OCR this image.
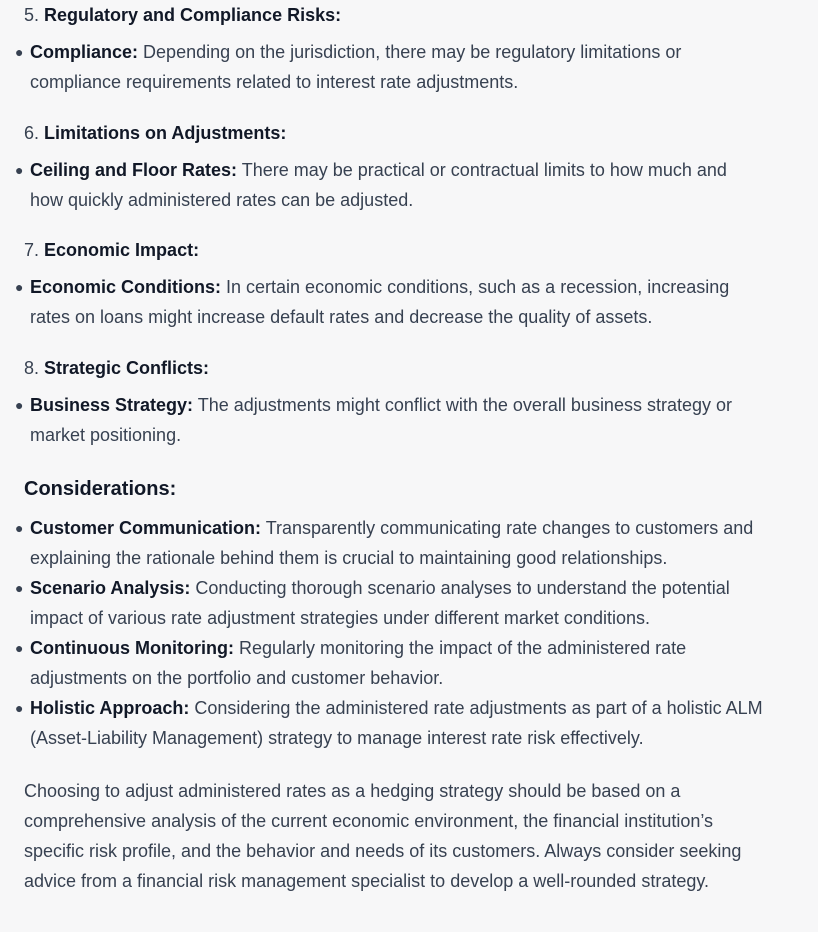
5. Regulatory and Compliance Risks:
● Compliance: Depending on the jurisdiction, there may be regulatory limitations or compliance requirements related to interest rate adjustments.
6. Limitations on Adjustments:
● Ceiling and Floor Rates: There may be practical or contractual limits to how much and how quickly administered rates can be adjusted.
7. Economic Impact:
● Economic Conditions: In certain economic conditions, such as a recession, increasing rates on loans might increase default rates and decrease the quality of assets.
8. Strategic Conflicts:
● Business Strategy: The adjustments might conflict with the overall business strategy or market positioning.
Considerations:
● Customer Communication: Transparently communicating rate changes to customers and explaining the rationale behind them is crucial to maintaining good relationships.
● Scenario Analysis: Conducting thorough scenario analyses to understand the potential impact of various rate adjustment strategies under different market conditions.
● Continuous Monitoring: Regularly monitoring the impact of the administered rate adjustments on the portfolio and customer behavior.
● Holistic Approach: Considering the administered rate adjustments as part of a holistic ALM (Asset-Liability Management) strategy to manage interest rate risk effectively.

Choosing to adjust administered rates as a hedging strategy should be based on a comprehensive analysis of the current economic environment, the financial institution’s specific risk profile, and the behavior and needs of its customers. Always consider seeking advice from a financial risk management specialist to develop a well-rounded strategy.
